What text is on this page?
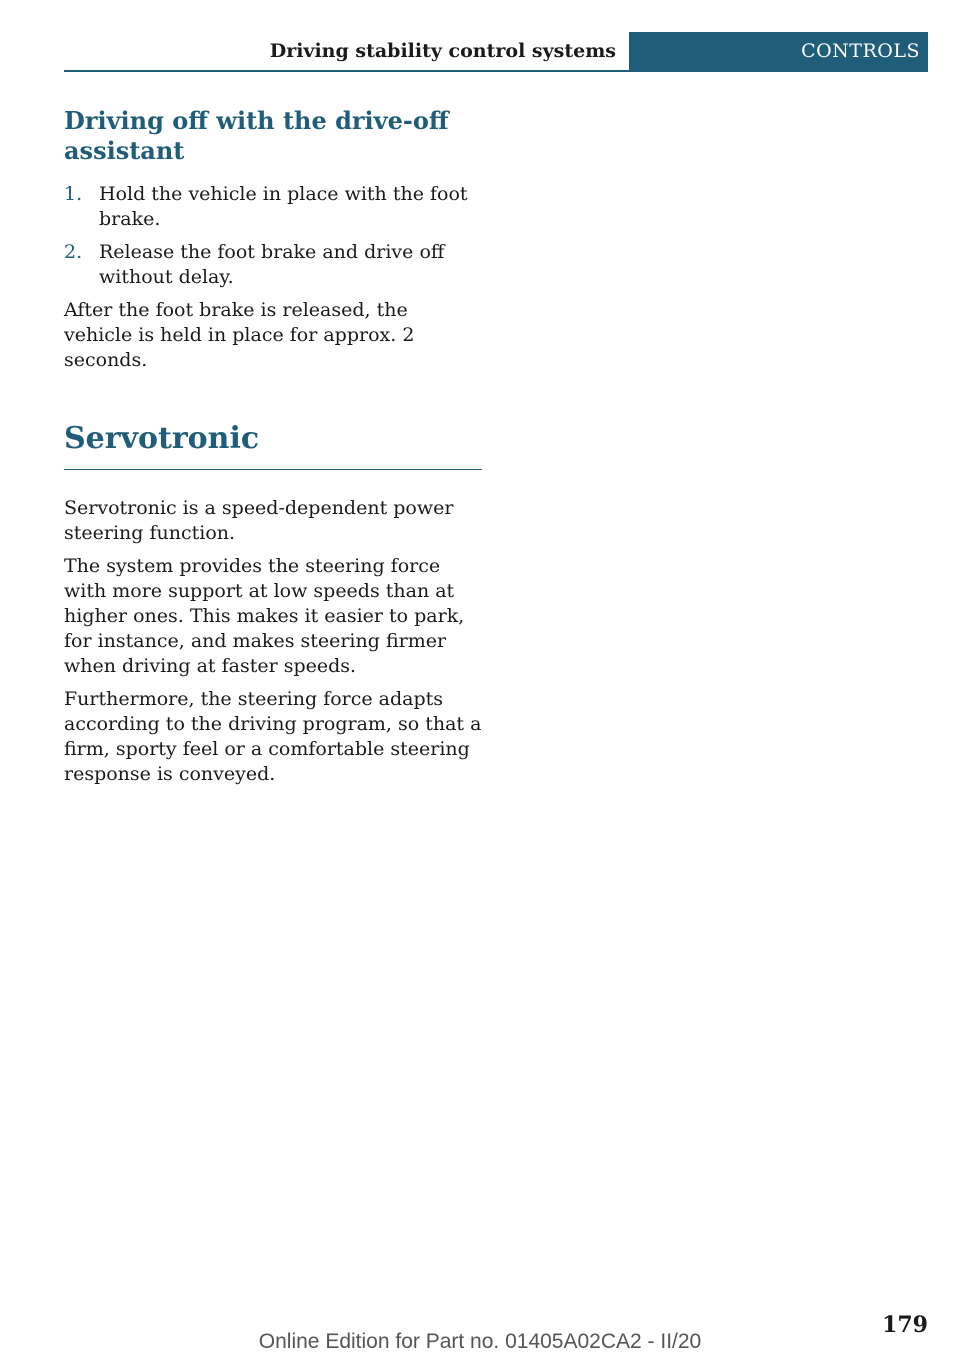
Driving stability control systems	CONTROLS
Driving off with the drive-off assistant
1. Hold the vehicle in place with the foot brake.
2. Release the foot brake and drive off without delay.

After the foot brake is released, the vehicle is held in place for approx. 2 seconds.

Servotronic

Servotronic is a speed-dependent power steering function.

The system provides the steering force with more support at low speeds than at higher ones. This makes it easier to park, for instance, and makes steering firmer when driving at faster speeds.

Furthermore, the steering force adapts according to the driving program, so that a firm, sporty feel or a comfortable steering response is conveyed.

179
Online Edition for Part no. 01405A02CA2 - II/20
